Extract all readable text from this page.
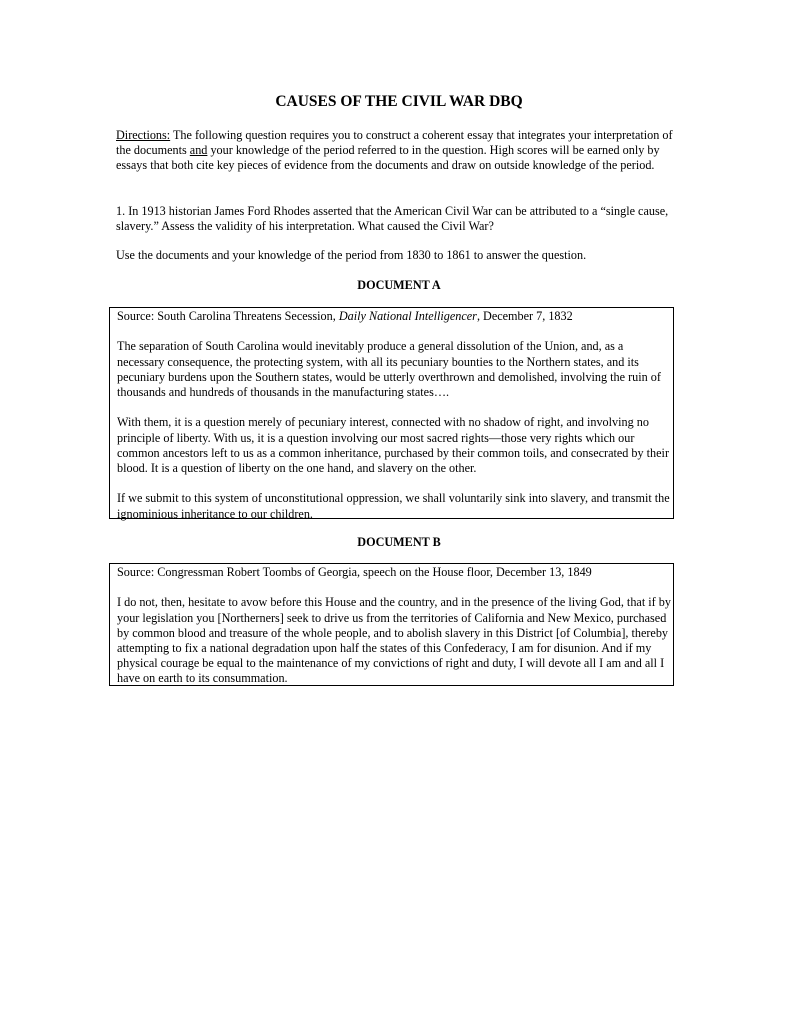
CAUSES OF THE CIVIL WAR DBQ
Directions: The following question requires you to construct a coherent essay that integrates your interpretation of the documents and your knowledge of the period referred to in the question. High scores will be earned only by essays that both cite key pieces of evidence from the documents and draw on outside knowledge of the period.
1. In 1913 historian James Ford Rhodes asserted that the American Civil War can be attributed to a “single cause, slavery.” Assess the validity of his interpretation. What caused the Civil War?
Use the documents and your knowledge of the period from 1830 to 1861 to answer the question.
DOCUMENT A
Source: South Carolina Threatens Secession, Daily National Intelligencer, December 7, 1832
The separation of South Carolina would inevitably produce a general dissolution of the Union, and, as a necessary consequence, the protecting system, with all its pecuniary bounties to the Northern states, and its pecuniary burdens upon the Southern states, would be utterly overthrown and demolished, involving the ruin of thousands and hundreds of thousands in the manufacturing states….
With them, it is a question merely of pecuniary interest, connected with no shadow of right, and involving no principle of liberty. With us, it is a question involving our most sacred rights—those very rights which our common ancestors left to us as a common inheritance, purchased by their common toils, and consecrated by their blood. It is a question of liberty on the one hand, and slavery on the other.
If we submit to this system of unconstitutional oppression, we shall voluntarily sink into slavery, and transmit the ignominious inheritance to our children.
DOCUMENT B
Source: Congressman Robert Toombs of Georgia, speech on the House floor, December 13, 1849
I do not, then, hesitate to avow before this House and the country, and in the presence of the living God, that if by your legislation you [Northerners] seek to drive us from the territories of California and New Mexico, purchased by common blood and treasure of the whole people, and to abolish slavery in this District [of Columbia], thereby attempting to fix a national degradation upon half the states of this Confederacy, I am for disunion. And if my physical courage be equal to the maintenance of my convictions of right and duty, I will devote all I am and all I have on earth to its consummation.
